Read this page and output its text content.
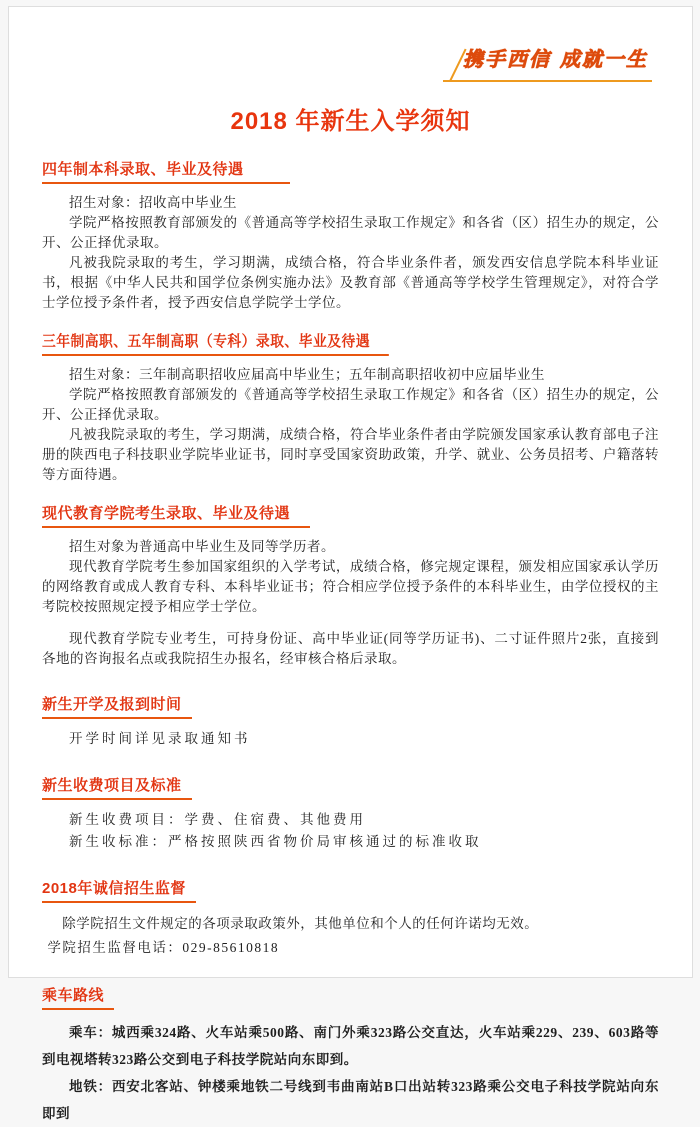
携手西信 成就一生
2018 年新生入学须知
四年制本科录取、毕业及待遇

招生对象：招收高中毕业生

学院严格按照教育部颁发的《普通高等学校招生录取工作规定》和各省（区）招生办的规定，公开、公正择优录取。

凡被我院录取的考生，学习期满，成绩合格，符合毕业条件者，颁发西安信息学院本科毕业证书，根据《中华人民共和国学位条例实施办法》及教育部《普通高等学校学生管理规定》，对符合学士学位授予条件者，授予西安信息学院学士学位。

三年制高职、五年制高职（专科）录取、毕业及待遇

招生对象：三年制高职招收应届高中毕业生；五年制高职招收初中应届毕业生

学院严格按照教育部颁发的《普通高等学校招生录取工作规定》和各省（区）招生办的规定，公开、公正择优录取。

凡被我院录取的考生，学习期满，成绩合格，符合毕业条件者由学院颁发国家承认教育部电子注册的陕西电子科技职业学院毕业证书，同时享受国家资助政策，升学、就业、公务员招考、户籍落转等方面待遇。

现代教育学院考生录取、毕业及待遇

招生对象为普通高中毕业生及同等学历者。

现代教育学院考生参加国家组织的入学考试，成绩合格，修完规定课程，颁发相应国家承认学历的网络教育或成人教育专科、本科毕业证书；符合相应学位授予条件的本科毕业生，由学位授权的主考院校按照规定授予相应学士学位。

现代教育学院专业考生，可持身份证、高中毕业证(同等学历证书)、二寸证件照片2张，直接到各地的咨询报名点或我院招生办报名，经审核合格后录取。

新生开学及报到时间

开学时间详见录取通知书

新生收费项目及标准

新生收费项目：学费、住宿费、其他费用

新生收标准：严格按照陕西省物价局审核通过的标准收取

2018年诚信招生监督

除学院招生文件规定的各项录取政策外，其他单位和个人的任何许诺均无效。

学院招生监督电话：029-85610818

乘车路线

乘车：城西乘324路、火车站乘500路、南门外乘323路公交直达，火车站乘229、239、603路等到电视塔转323路公交到电子科技学院站向东即到。

地铁：西安北客站、钟楼乘地铁二号线到韦曲南站B口出站转323路乘公交电子科技学院站向东即到
